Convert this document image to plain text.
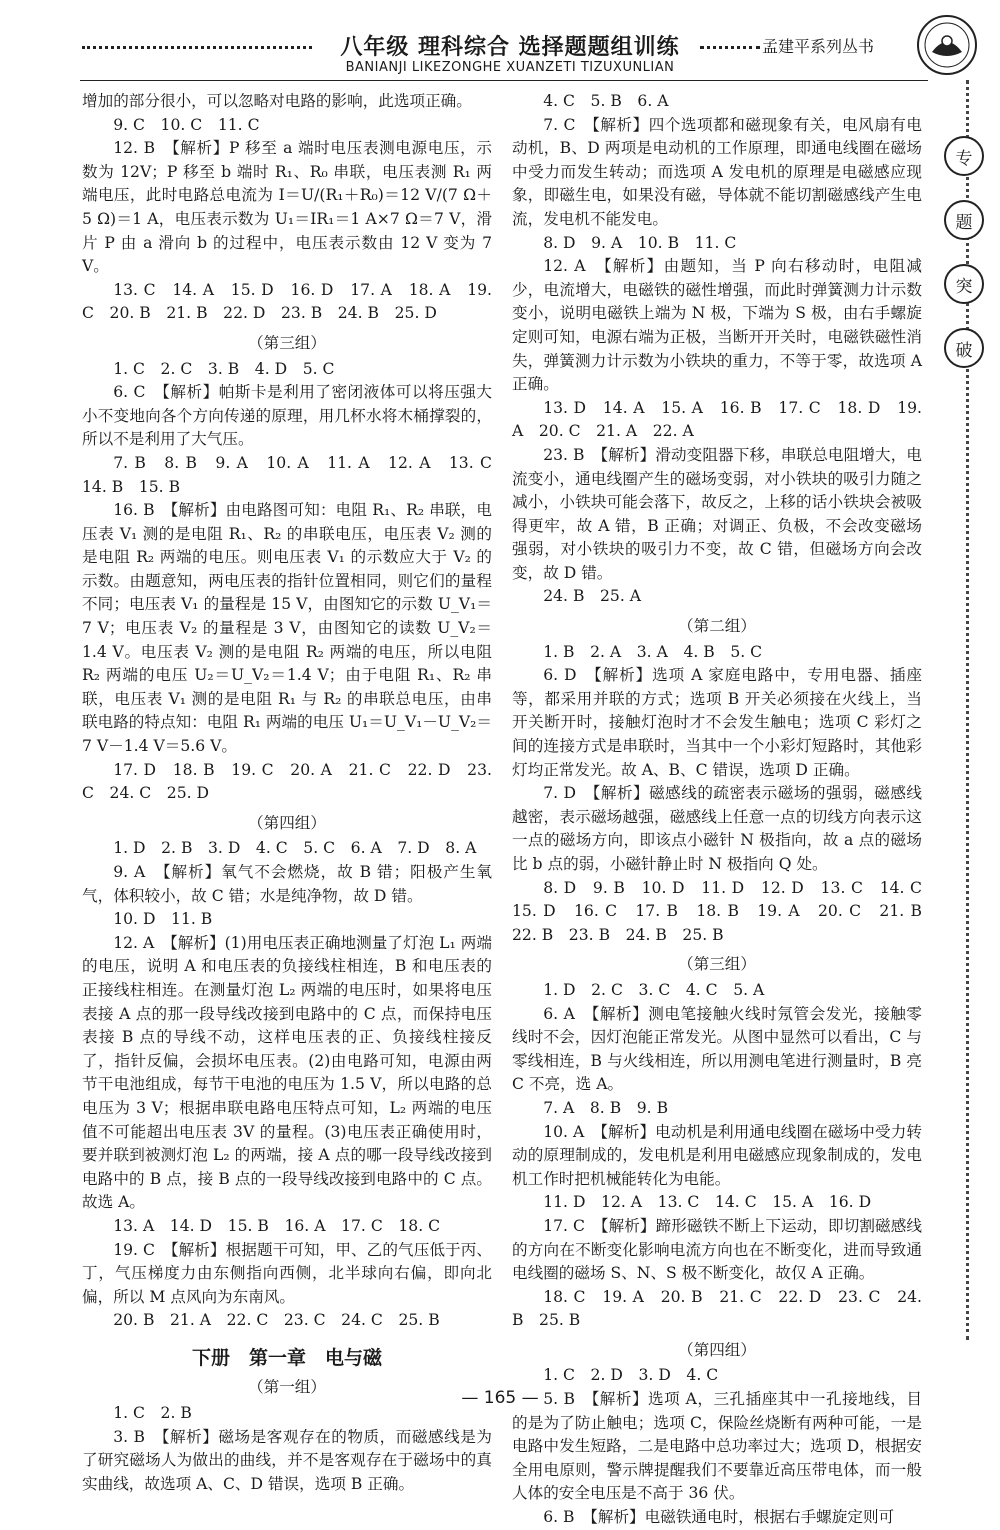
八年级 理科综合 选择题题组训练
BANIANJI LIKEZONGHE XUANZETI TIZUXUNLIAN
孟建平系列丛书
专
题
突
破

增加的部分很小，可以忽略对电路的影响，此选项正确。

9. C　10. C　11. C

12. B　【解析】P 移至 a 端时电压表测电源电压，示数为 12V；P 移至 b 端时 R₁、R₀ 串联，电压表测 R₁ 两端电压，此时电路总电流为 I＝U/(R₁＋R₀)＝12 V/(7 Ω＋5 Ω)＝1 A，电压表示数为 U₁＝IR₁＝1 A×7 Ω＝7 V，滑片 P 由 a 滑向 b 的过程中，电压表示数由 12 V 变为 7 V。

13. C　14. A　15. D　16. D　17. A　18. A　19. C　20. B　21. B　22. D　23. B　24. B　25. D

（第三组）

1. C　2. C　3. B　4. D　5. C

6. C　【解析】帕斯卡是利用了密闭液体可以将压强大小不变地向各个方向传递的原理，用几杯水将木桶撑裂的，所以不是利用了大气压。

7. B　8. B　9. A　10. A　11. A　12. A　13. C　14. B　15. B

16. B　【解析】由电路图可知：电阻 R₁、R₂ 串联，电压表 V₁ 测的是电阻 R₁、R₂ 的串联电压，电压表 V₂ 测的是电阻 R₂ 两端的电压。则电压表 V₁ 的示数应大于 V₂ 的示数。由题意知，两电压表的指针位置相同，则它们的量程不同；电压表 V₁ 的量程是 15 V，由图知它的示数 U_V₁＝7 V；电压表 V₂ 的量程是 3 V，由图知它的读数 U_V₂＝1.4 V。电压表 V₂ 测的是电阻 R₂ 两端的电压，所以电阻 R₂ 两端的电压 U₂＝U_V₂＝1.4 V；由于电阻 R₁、R₂ 串联，电压表 V₁ 测的是电阻 R₁ 与 R₂ 的串联总电压，由串联电路的特点知：电阻 R₁ 两端的电压 U₁＝U_V₁－U_V₂＝7 V－1.4 V＝5.6 V。

17. D　18. B　19. C　20. A　21. C　22. D　23. C　24. C　25. D

（第四组）

1. D　2. B　3. D　4. C　5. C　6. A　7. D　8. A

9. A　【解析】氧气不会燃烧，故 B 错；阳极产生氧气，体积较小，故 C 错；水是纯净物，故 D 错。

10. D　11. B

12. A　【解析】(1)用电压表正确地测量了灯泡 L₁ 两端的电压，说明 A 和电压表的负接线柱相连，B 和电压表的正接线柱相连。在测量灯泡 L₂ 两端的电压时，如果将电压表接 A 点的那一段导线改接到电路中的 C 点，而保持电压表接 B 点的导线不动，这样电压表的正、负接线柱接反了，指针反偏，会损坏电压表。(2)由电路可知，电源由两节干电池组成，每节干电池的电压为 1.5 V，所以电路的总电压为 3 V；根据串联电路电压特点可知，L₂ 两端的电压值不可能超出电压表 3V 的量程。(3)电压表正确使用时，要并联到被测灯泡 L₂ 的两端，接 A 点的哪一段导线改接到电路中的 B 点，接 B 点的一段导线改接到电路中的 C 点。故选 A。

13. A　14. D　15. B　16. A　17. C　18. C

19. C　【解析】根据题干可知，甲、乙的气压低于丙、丁，气压梯度力由东侧指向西侧，北半球向右偏，即向北偏，所以 M 点风向为东南风。

20. B　21. A　22. C　23. C　24. C　25. B

下册　第一章　电与磁

（第一组）

1. C　2. B

3. B　【解析】磁场是客观存在的物质，而磁感线是为了研究磁场人为做出的曲线，并不是客观存在于磁场中的真实曲线，故选项 A、C、D 错误，选项 B 正确。

4. C　5. B　6. A

7. C　【解析】四个选项都和磁现象有关，电风扇有电动机，B、D 两项是电动机的工作原理，即通电线圈在磁场中受力而发生转动；而选项 A 发电机的原理是电磁感应现象，即磁生电，如果没有磁，导体就不能切割磁感线产生电流，发电机不能发电。

8. D　9. A　10. B　11. C

12. A　【解析】由题知，当 P 向右移动时，电阻减少，电流增大，电磁铁的磁性增强，而此时弹簧测力计示数变小，说明电磁铁上端为 N 极，下端为 S 极，由右手螺旋定则可知，电源右端为正极，当断开开关时，电磁铁磁性消失，弹簧测力计示数为小铁块的重力，不等于零，故选项 A 正确。

13. D　14. A　15. A　16. B　17. C　18. D　19. A　20. C　21. A　22. A

23. B　【解析】滑动变阻器下移，串联总电阻增大，电流变小，通电线圈产生的磁场变弱，对小铁块的吸引力随之减小，小铁块可能会落下，故反之，上移的话小铁块会被吸得更牢，故 A 错，B 正确；对调正、负极，不会改变磁场强弱，对小铁块的吸引力不变，故 C 错，但磁场方向会改变，故 D 错。

24. B　25. A

（第二组）

1. B　2. A　3. A　4. B　5. C

6. D　【解析】选项 A 家庭电路中，专用电器、插座等，都采用并联的方式；选项 B 开关必须接在火线上，当开关断开时，接触灯泡时才不会发生触电；选项 C 彩灯之间的连接方式是串联时，当其中一个小彩灯短路时，其他彩灯均正常发光。故 A、B、C 错误，选项 D 正确。

7. D　【解析】磁感线的疏密表示磁场的强弱，磁感线越密，表示磁场越强，磁感线上任意一点的切线方向表示这一点的磁场方向，即该点小磁针 N 极指向，故 a 点的磁场比 b 点的弱，小磁针静止时 N 极指向 Q 处。

8. D　9. B　10. D　11. D　12. D　13. C　14. C　15. D　16. C　17. B　18. B　19. A　20. C　21. B　22. B　23. B　24. B　25. B

（第三组）

1. D　2. C　3. C　4. C　5. A

6. A　【解析】测电笔接触火线时氖管会发光，接触零线时不会，因灯泡能正常发光。从图中显然可以看出，C 与零线相连，B 与火线相连，所以用测电笔进行测量时，B 亮 C 不亮，选 A。

7. A　8. B　9. B

10. A　【解析】电动机是利用通电线圈在磁场中受力转动的原理制成的，发电机是利用电磁感应现象制成的，发电机工作时把机械能转化为电能。

11. D　12. A　13. C　14. C　15. A　16. D

17. C　【解析】蹄形磁铁不断上下运动，即切割磁感线的方向在不断变化影响电流方向也在不断变化，进而导致通电线圈的磁场 S、N、S 极不断变化，故仅 A 正确。

18. C　19. A　20. B　21. C　22. D　23. C　24. B　25. B

（第四组）

1. C　2. D　3. D　4. C

5. B　【解析】选项 A，三孔插座其中一孔接地线，目的是为了防止触电；选项 C，保险丝烧断有两种可能，一是电路中发生短路，二是电路中总功率过大；选项 D，根据安全用电原则，警示牌提醒我们不要靠近高压带电体，而一般人体的安全电压是不高于 36 伏。

6. B　【解析】电磁铁通电时，根据右手螺旋定则可

— 165 —
